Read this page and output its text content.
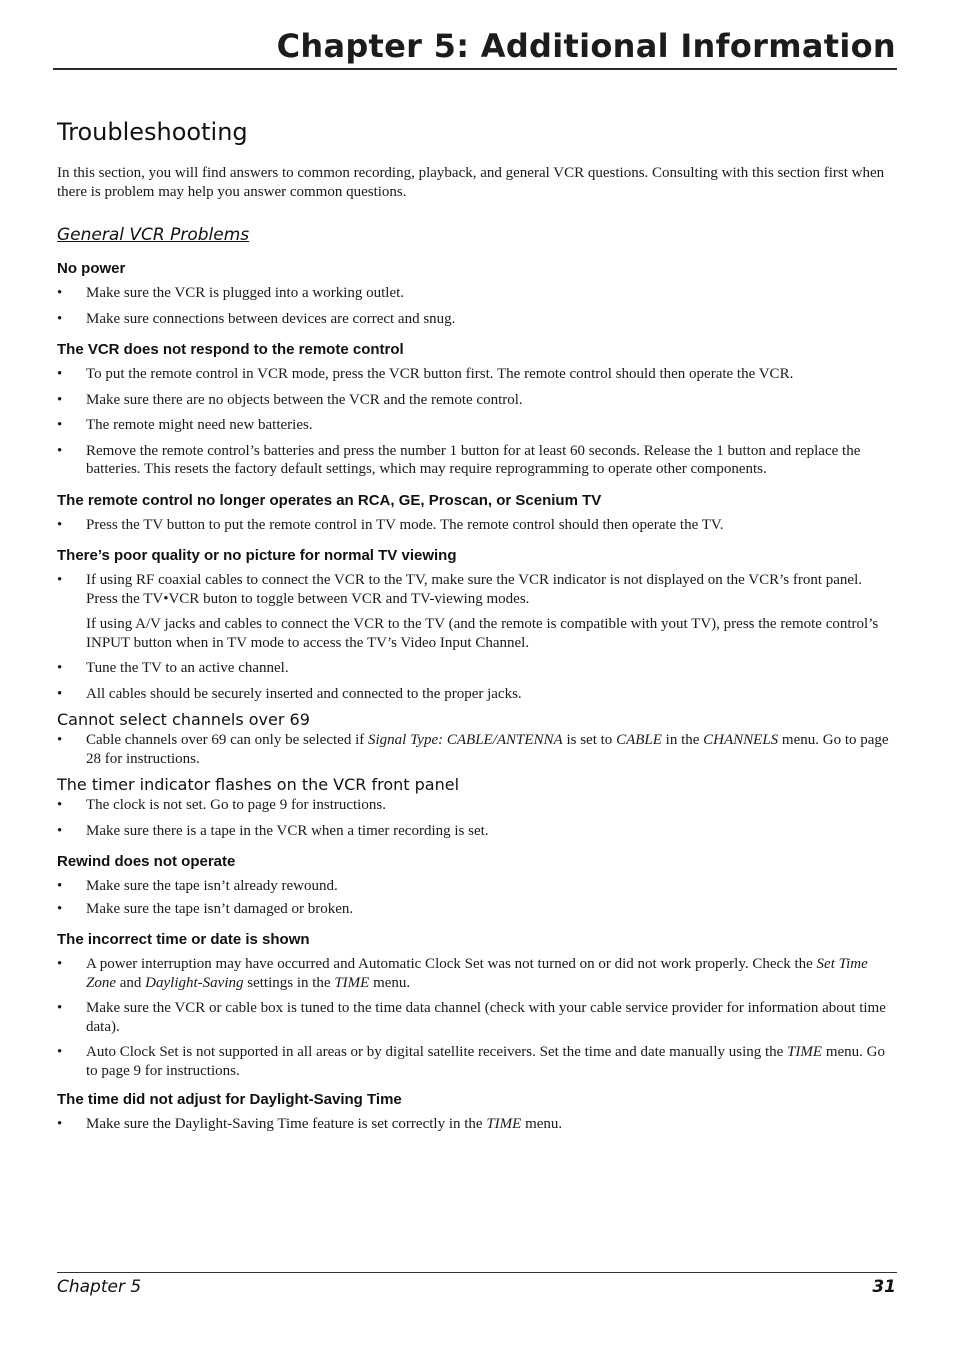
Chapter 5: Additional Information
Troubleshooting

In this section, you will find answers to common recording, playback, and general VCR questions. Consulting with this section first when there is problem may help you answer common questions.

General VCR Problems
No power
•	Make sure the VCR is plugged into a working outlet.
•	Make sure connections between devices are correct and snug.
The VCR does not respond to the remote control
•	To put the remote control in VCR mode, press the VCR button first. The remote control should then operate the VCR.
•	Make sure there are no objects between the VCR and the remote control.
•	The remote might need new batteries.
•	Remove the remote control’s batteries and press the number 1 button for at least 60 seconds. Release the 1 button and replace the batteries. This resets the factory default settings, which may require reprogramming to operate other components.
The remote control no longer operates an RCA, GE, Proscan, or Scenium TV
•	Press the TV button to put the remote control in TV mode. The remote control should then operate the TV.
There’s poor quality or no picture for normal TV viewing
•	If using RF coaxial cables to connect the VCR to the TV, make sure the VCR indicator is not displayed on the VCR’s front panel. Press the TV•VCR buton to toggle between VCR and TV-viewing modes.

If using A/V jacks and cables to connect the VCR to the TV (and the remote is compatible with yout TV), press the remote control’s INPUT button when in TV mode to access the TV’s Video Input Channel.

•	Tune the TV to an active channel.
•	All cables should be securely inserted and connected to the proper jacks.
Cannot select channels over 69
•	Cable channels over 69 can only be selected if Signal Type: CABLE/ANTENNA is set to CABLE in the CHANNELS menu. Go to page 28 for instructions.
The timer indicator flashes on the VCR front panel
•	The clock is not set. Go to page 9 for instructions.
•	Make sure there is a tape in the VCR when a timer recording is set.
Rewind does not operate
•	Make sure the tape isn’t already rewound.
•	Make sure the tape isn’t damaged or broken.
The incorrect time or date is shown
•	A power interruption may have occurred and Automatic Clock Set was not turned on or did not work properly. Check the Set Time Zone and Daylight-Saving settings in the TIME menu.
•	Make sure the VCR or cable box is tuned to the time data channel (check with your cable service provider for information about time data).
•	Auto Clock Set is not supported in all areas or by digital satellite receivers. Set the time and date manually using the TIME menu. Go to page 9 for instructions.
The time did not adjust for Daylight-Saving Time
•	Make sure the Daylight-Saving Time feature is set correctly in the TIME menu.
Chapter 5	31
